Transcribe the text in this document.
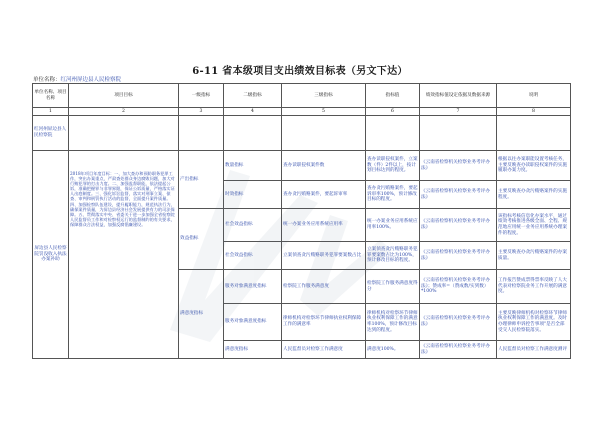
6-11 省本级项目支出绩效目标表（另文下达）
单位名称：红河州屏边县人民检察院
单位名称、项目名称	项目目标	一级指标	二级指标	三级指标	指标值	绩效指标值设定依据及数据来源	说明
1	2	3	4	5	6	7	8
红河州屏边县人民检察院							
屏边县人民检察院罚没收入执法办案补助	2018年项目年度目标：一、加大查办和预防职务犯罪工作，突出办案重点，严肃查处群众身边腐败问题，加大对行贿犯罪的打击力度。二、加强监督职能，依法提起公诉，准确把握罪与非罪界限，保证公诉质量，严格落实证人出庭制度。三、强化诉讼监督，落实对刑事立案、侦查、审判和刑罚执行活动的监督，全面提升案件质量。四、加强检察队伍建设，提升履职能力，规范执法行为，确保案件质量，为屏边县经济社会发展提供有力的司法保障。五、贯彻落实中央、省委关于进一步加强全省检察院人民监督员工作和对检察权运行的监督制约的有关要求，保障群众合法权益，加强反腐倡廉建设。	产出指标	数量指标	查办读职侵权案件数	查办读职侵权案件，立案数（件）2件以上，按计划目标达到的程度。	《云南省检察机关检察业务考评办法》	根据以往办案职能设置考核任务，主要反映查办读职侵权案件的实施履职办案力度。
			时效指标	查办贪污贿赂案件，要起诉审率	查办贪污贿赂案件，要起诉审率100%，预计修改目标的程度。	《云南省检察机关检察业务考评办法》	主要反映查办贪污贿赂案件的实施程度。
		效益指标	社会效益指标	统一办案业务应用系统应用率	统一办案业务应用系统应用率100%。	《云南省检察机关检察业务考评办法》	该指标考核信息化办案水平，通过绩效考核推进各级全面、全程、规范地应用统一业务应用系统办理案件的程度。
			社会效益指标	立案侦查贪污贿赂职务犯罪要案数占比	立案侦查贪污贿赂职务犯罪要案数占比为100%，预计修改目标的程度。	《云南省检察机关检察业务考评办法》	主要反映查办贪污贿赂案件的办案质量。
		满意度指标	服务对象满意度指标	检察院工作服务满意度	检察院工作服务满意度得分	《云南省检察机关检察业务考评办法》；赞成率=（赞成数/实到数）*100%	工作报告赞成票得票率反映了人大代表对检察院业务工作开展的满意度。
			服务对象满意度指标	律师机构对检察环节律师执业权利保障工作的满意率	律师机构对检察环节律师执业权利保障工作的满意率100%，预计修改目标达到的程度。	《云南省检察机关检察业务考评办法》	主要反映律师机构对检察环节律师执业权利保障工作的满意度。及时办理律师申诉控告事项"是否全部受交人民检察院落实。
			满意度指标	人民监督员对检察工作满意度	满意度100%。	《云南省检察机关检察业务考评办法》	人民监督员对检察工作满意度测评
